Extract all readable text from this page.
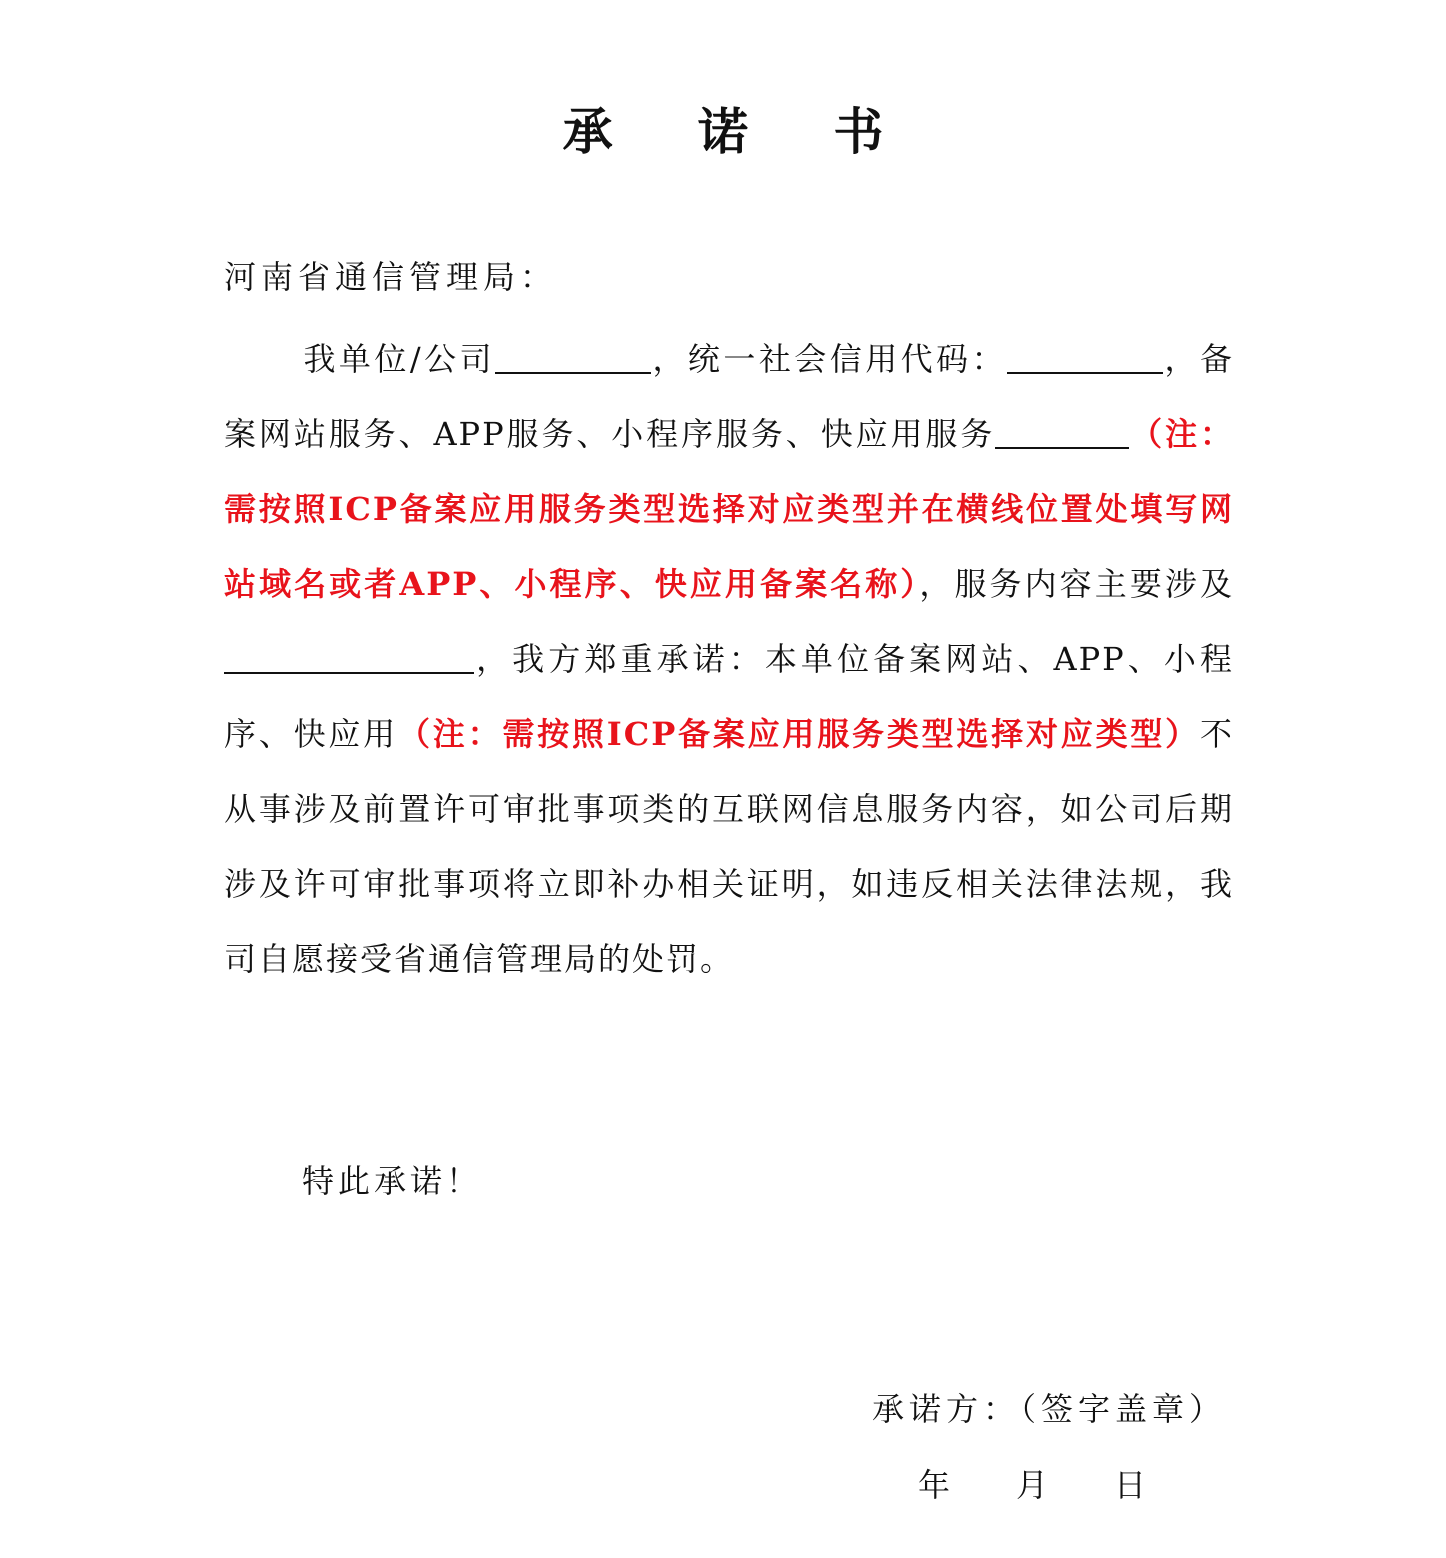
承 诺 书
河南省通信管理局：
我单位/公司	，统一社会信用代码：	，备案网站服务、APP服务、小程序服务、快应用服务	（注：需按照ICP备案应用服务类型选择对应类型并在横线位置处填写网站域名或者APP、小程序、快应用备案名称），服务内容主要涉及，我方郑重承诺：本单位备案网站、APP、小程序、快应用（注：需按照ICP备案应用服务类型选择对应类型）不从事涉及前置许可审批事项类的互联网信息服务内容，如公司后期涉及许可审批事项将立即补办相关证明，如违反相关法律法规，我司自愿接受省通信管理局的处罚。
特此承诺！
承诺方：（签字盖章）
年 月 日
